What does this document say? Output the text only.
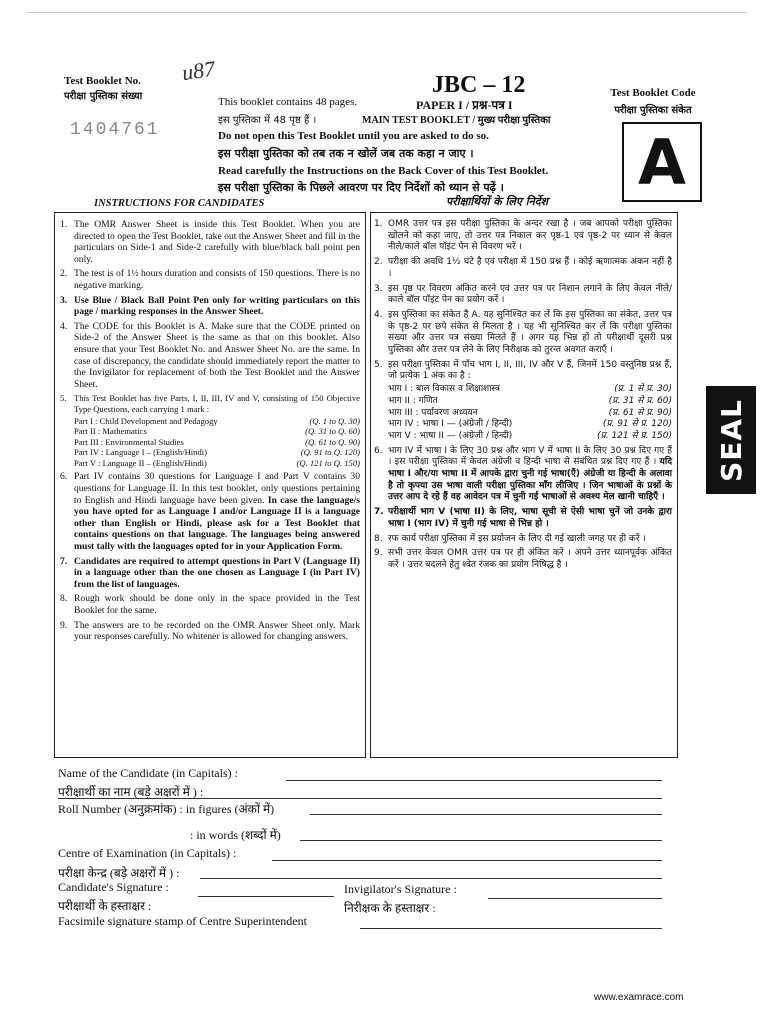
Test Booklet No.
परीक्षा पुस्तिका संख्या
u87
1404761
JBC – 12
This booklet contains 48 pages.	PAPER I / प्रश्न-पत्र I
इस पुस्तिका में 48 पृष्ठ हैं ।	MAIN TEST BOOKLET / मुख्य परीक्षा पुस्तिका
Do not open this Test Booklet until you are asked to do so.
इस परीक्षा पुस्तिका को तब तक न खोलें जब तक कहा न जाए ।
Read carefully the Instructions on the Back Cover of this Test Booklet.
इस परीक्षा पुस्तिका के पिछले आवरण पर दिए निर्देशों को ध्यान से पढ़ें ।
Test Booklet Code
परीक्षा पुस्तिका संकेत
A
INSTRUCTIONS FOR CANDIDATES	परीक्षार्थियों के लिए निर्देश
1. The OMR Answer Sheet is inside this Test Booklet. When you are directed to open the Test Booklet, take out the Answer Sheet and fill in the particulars on Side-1 and Side-2 carefully with blue/black ball point pen only.
2. The test is of 1½ hours duration and consists of 150 questions. There is no negative marking.
3. Use Blue / Black Ball Point Pen only for writing particulars on this page / marking responses in the Answer Sheet.
4. The CODE for this Booklet is A. Make sure that the CODE printed on Side-2 of the Answer Sheet is the same as that on this booklet. Also ensure that your Test Booklet No. and Answer Sheet No. are the same. In case of discrepancy, the candidate should immediately report the matter to the Invigilator for replacement of both the Test Booklet and the Answer Sheet.
5. This Test Booklet has five Parts, I, II, III, IV and V, consisting of 150 Objective Type Questions, each carrying 1 mark :
Part I : Child Development and Pedagogy	(Q. 1 to Q. 30)
Part II : Mathematics	(Q. 31 to Q. 60)
Part III : Environmental Studies	(Q. 61 to Q. 90)
Part IV : Language I – (English/Hindi)	(Q. 91 to Q. 120)
Part V : Language II – (English/Hindi)	(Q. 121 to Q. 150)
6. Part IV contains 30 questions for Language I and Part V contains 30 questions for Language II. In this test booklet, only questions pertaining to English and Hindi language have been given. In case the language/s you have opted for as Language I and/or Language II is a language other than English or Hindi, please ask for a Test Booklet that contains questions on that language. The languages being answered must tally with the languages opted for in your Application Form.
7. Candidates are required to attempt questions in Part V (Language II) in a language other than the one chosen as Language I (in Part IV) from the list of languages.
8. Rough work should be done only in the space provided in the Test Booklet for the same.
9. The answers are to be recorded on the OMR Answer Sheet only. Mark your responses carefully. No whitener is allowed for changing answers.
1. OMR उत्तर पत्र इस परीक्षा पुस्तिका के अन्दर रखा है । जब आपको परीक्षा पुस्तिका खोलने को कहा जाए, तो उत्तर पत्र निकाल कर पृष्ठ-1 एवं पृष्ठ-2 पर ध्यान से केवल नीले/काले बॉल पॉइंट पेन से विवरण भरें ।
2. परीक्षा की अवधि 1½ घंटे है एवं परीक्षा में 150 प्रश्न हैं । कोई ऋणात्मक अंकन नहीं है ।
3. इस पृष्ठ पर विवरण अंकित करने एवं उत्तर पत्र पर निशान लगाने के लिए केवल नीले/काले बॉल पॉइंट पेन का प्रयोग करें ।
4. इस पुस्तिका का संकेत है A. यह सुनिश्चित कर लें कि इस पुस्तिका का संकेत, उत्तर पत्र के पृष्ठ-2 पर छपे संकेत से मिलता है । यह भी सुनिश्चित कर लें कि परीक्षा पुस्तिका संख्या और उत्तर पत्र संख्या मिलते हैं । अगर यह भिन्न हों तो परीक्षार्थी दूसरी प्रश्न पुस्तिका और उत्तर पत्र लेने के लिए निरीक्षक को तुरन्त अवगत कराएँ ।
5. इस परीक्षा पुस्तिका में पाँच भाग I, II, III, IV और V हैं, जिनमें 150 वस्तुनिष्ठ प्रश्न हैं, जो प्रत्येक 1 अंक का है :
भाग I : बाल विकास व शिक्षाशास्त्र	(प्र. 1 से प्र. 30)
भाग II : गणित	(प्र. 31 से प्र. 60)
भाग III : पर्यावरण अध्ययन	(प्र. 61 से प्र. 90)
भाग IV : भाषा I — (अंग्रेजी / हिन्दी)	(प्र. 91 से प्र. 120)
भाग V : भाषा II — (अंग्रेजी / हिन्दी)	(प्र. 121 से प्र. 150)
6. भाग IV में भाषा I के लिए 30 प्रश्न और भाग V में भाषा II के लिए 30 प्रश्न दिए गए हैं । इस परीक्षा पुस्तिका में केवल अंग्रेजी व हिन्दी भाषा से संबंधित प्रश्न दिए गए हैं । यदि भाषा I और/या भाषा II में आपके द्वारा चुनी गई भाषा(एँ) अंग्रेजी या हिन्दी के अलावा है तो कृपया उस भाषा वाली परीक्षा पुस्तिका माँग लीजिए । जिन भाषाओं के प्रश्नों के उत्तर आप दे रहे हैं वह आवेदन पत्र में चुनी गई भाषाओं से अवश्य मेल खानी चाहिएँ ।
7. परीक्षार्थी भाग V (भाषा II) के लिए, भाषा सूची से ऐसी भाषा चुनें जो उनके द्वारा भाषा I (भाग IV) में चुनी गई भाषा से भिन्न हो ।
8. रफ कार्य परीक्षा पुस्तिका में इस प्रयोजन के लिए दी गई खाली जगह पर ही करें ।
9. सभी उत्तर केवल OMR उत्तर पत्र पर ही अंकित करें । अपने उत्तर ध्यानपूर्वक अंकित करें । उत्तर बदलने हेतु श्वेत रंजक का प्रयोग निषिद्ध है ।
SEAL
Name of the Candidate (in Capitals) :
परीक्षार्थी का नाम (बड़े अक्षरों में ) :
Roll Number (अनुक्रमांक) : in figures (अंकों में)
: in words (शब्दों में)
Centre of Examination (in Capitals) :
परीक्षा केन्द्र (बड़े अक्षरों में ) :
Candidate's Signature :
परीक्षार्थी के हस्ताक्षर :
Invigilator's Signature :
निरीक्षक के हस्ताक्षर :
Facsimile signature stamp of Centre Superintendent
www.examrace.com
